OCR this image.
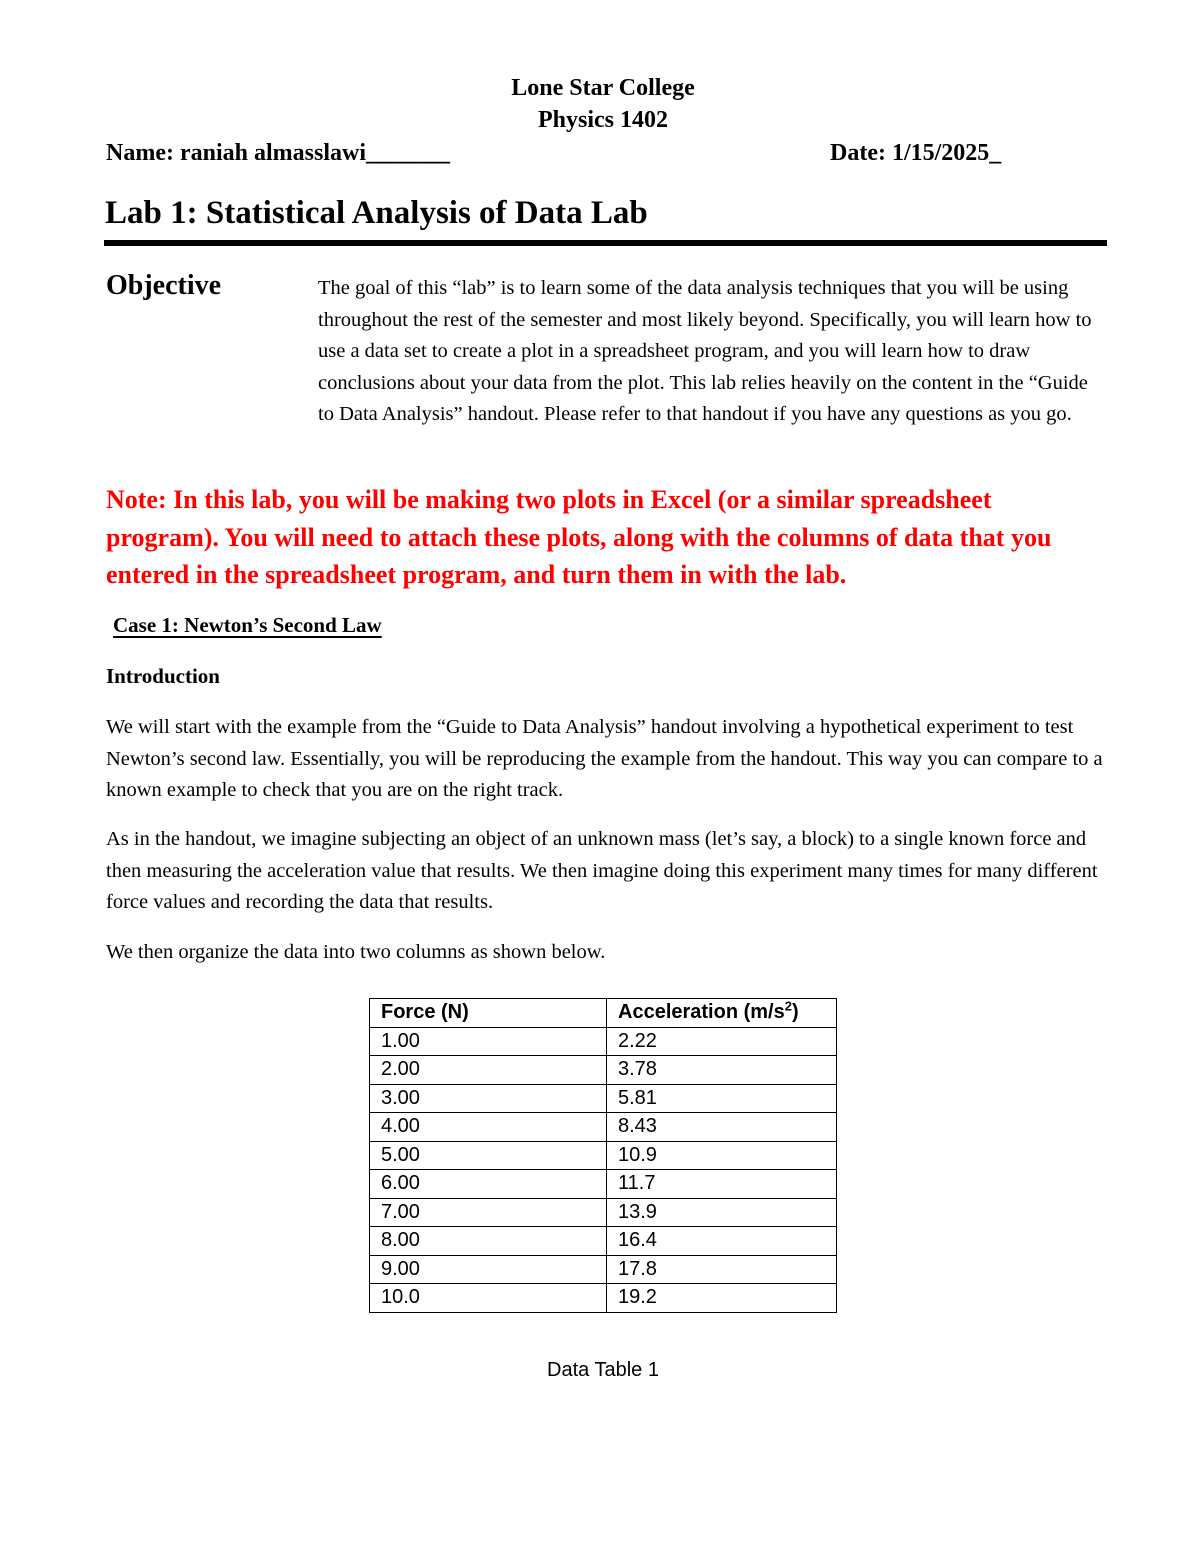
Lone Star College
Physics 1402
Name: raniah almasslawi_______	Date: 1/15/2025_
Lab 1: Statistical Analysis of Data Lab
Objective	The goal of this “lab” is to learn some of the data analysis techniques that you will be using throughout the rest of the semester and most likely beyond. Specifically, you will learn how to use a data set to create a plot in a spreadsheet program, and you will learn how to draw conclusions about your data from the plot. This lab relies heavily on the content in the “Guide to Data Analysis” handout. Please refer to that handout if you have any questions as you go.

Note: In this lab, you will be making two plots in Excel (or a similar spreadsheet program). You will need to attach these plots, along with the columns of data that you entered in the spreadsheet program, and turn them in with the lab.
Case 1: Newton’s Second Law
Introduction
We will start with the example from the “Guide to Data Analysis” handout involving a hypothetical experiment to test Newton’s second law. Essentially, you will be reproducing the example from the handout. This way you can compare to a known example to check that you are on the right track.
As in the handout, we imagine subjecting an object of an unknown mass (let’s say, a block) to a single known force and then measuring the acceleration value that results. We then imagine doing this experiment many times for many different force values and recording the data that results.
We then organize the data into two columns as shown below.
Force (N)	Acceleration $(m/s^2)$
1.00	2.22
2.00	3.78
3.00	5.81
4.00	8.43
5.00	10.9
6.00	11.7
7.00	13.9
8.00	16.4
9.00	17.8
10.0	19.2
Data Table 1
